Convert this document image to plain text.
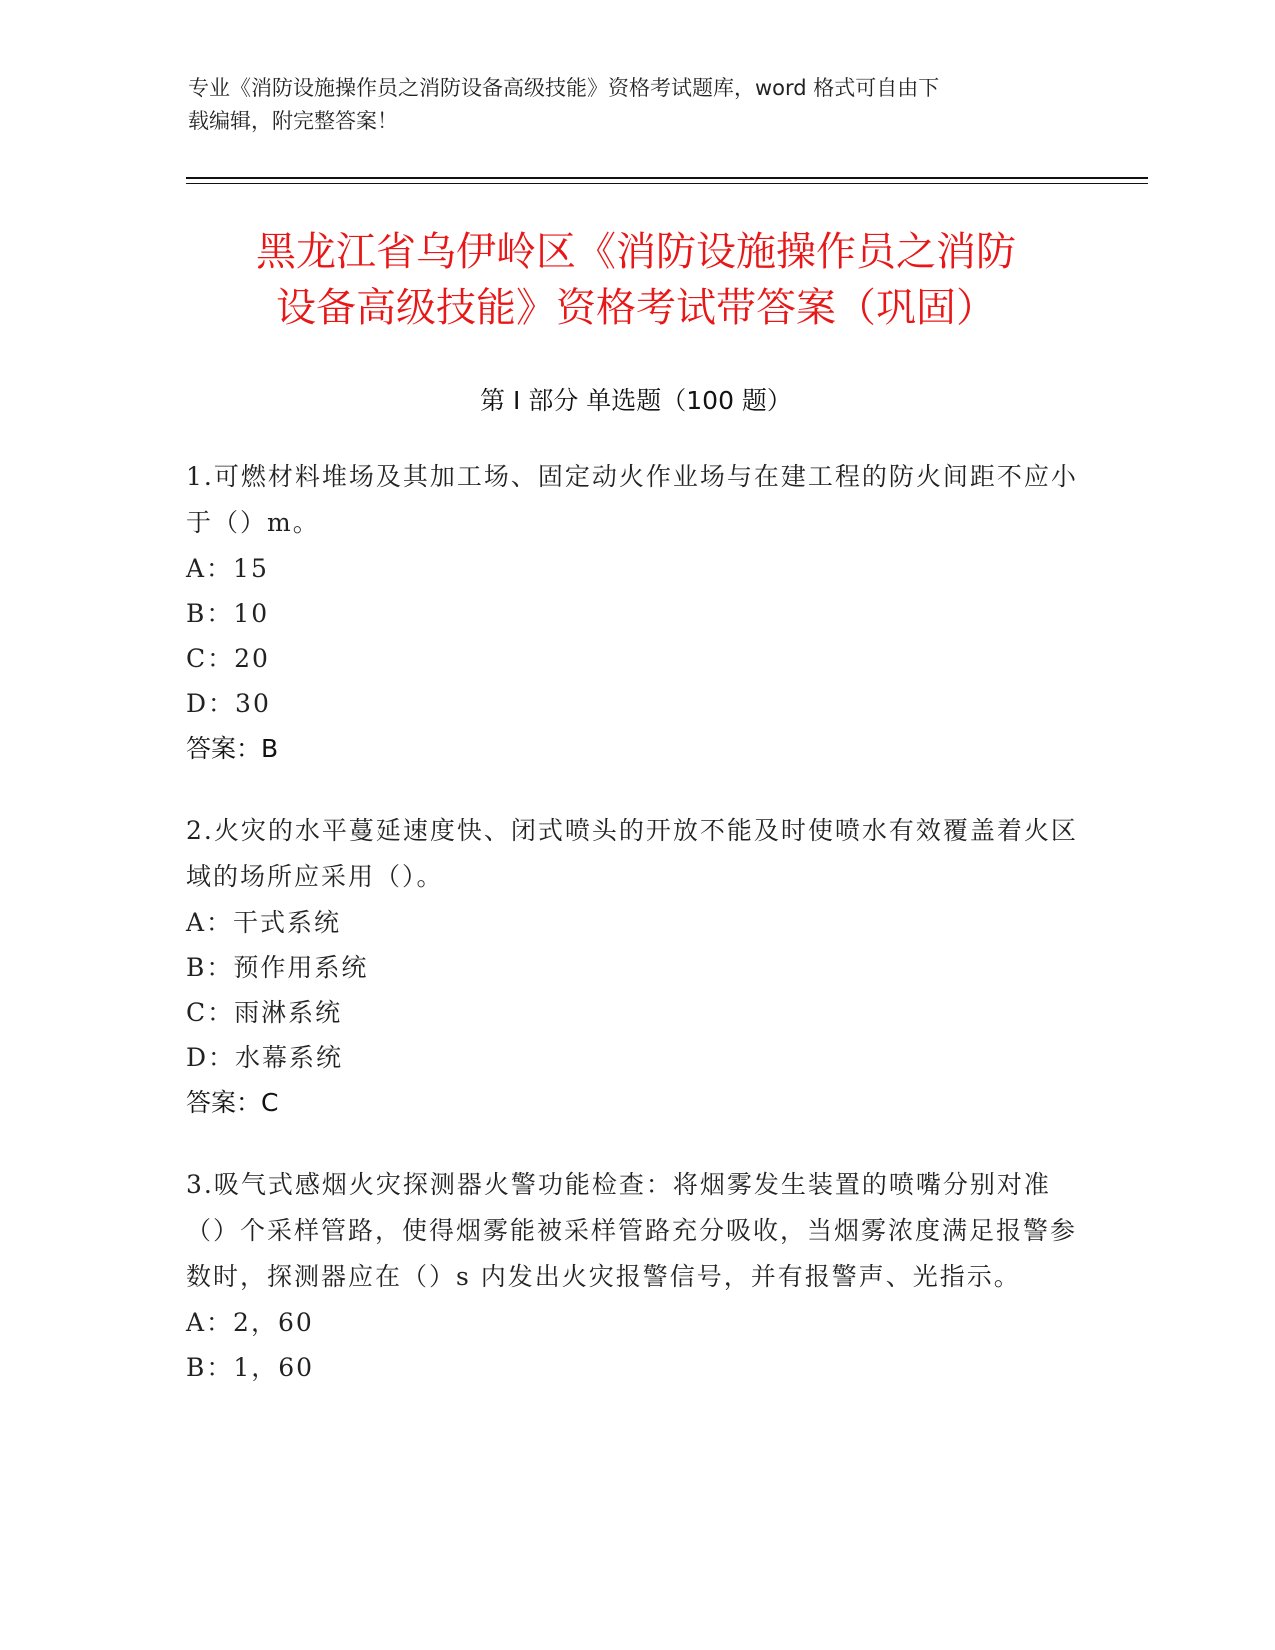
专业《消防设施操作员之消防设备高级技能》资格考试题库，word 格式可自由下
载编辑，附完整答案！
黑龙江省乌伊岭区《消防设施操作员之消防
设备高级技能》资格考试带答案（巩固）
第 I 部分 单选题（100 题）
1.可燃材料堆场及其加工场、固定动火作业场与在建工程的防火间距不应小于（）m。
A：15
B：10
C：20
D：30
答案：B
2.火灾的水平蔓延速度快、闭式喷头的开放不能及时使喷水有效覆盖着火区域的场所应采用（）。
A：干式系统
B：预作用系统
C：雨淋系统
D：水幕系统
答案：C
3.吸气式感烟火灾探测器火警功能检查：将烟雾发生装置的喷嘴分别对准（）个采样管路，使得烟雾能被采样管路充分吸收，当烟雾浓度满足报警参数时，探测器应在（）s 内发出火灾报警信号，并有报警声、光指示。
A：2，60
B：1，60
